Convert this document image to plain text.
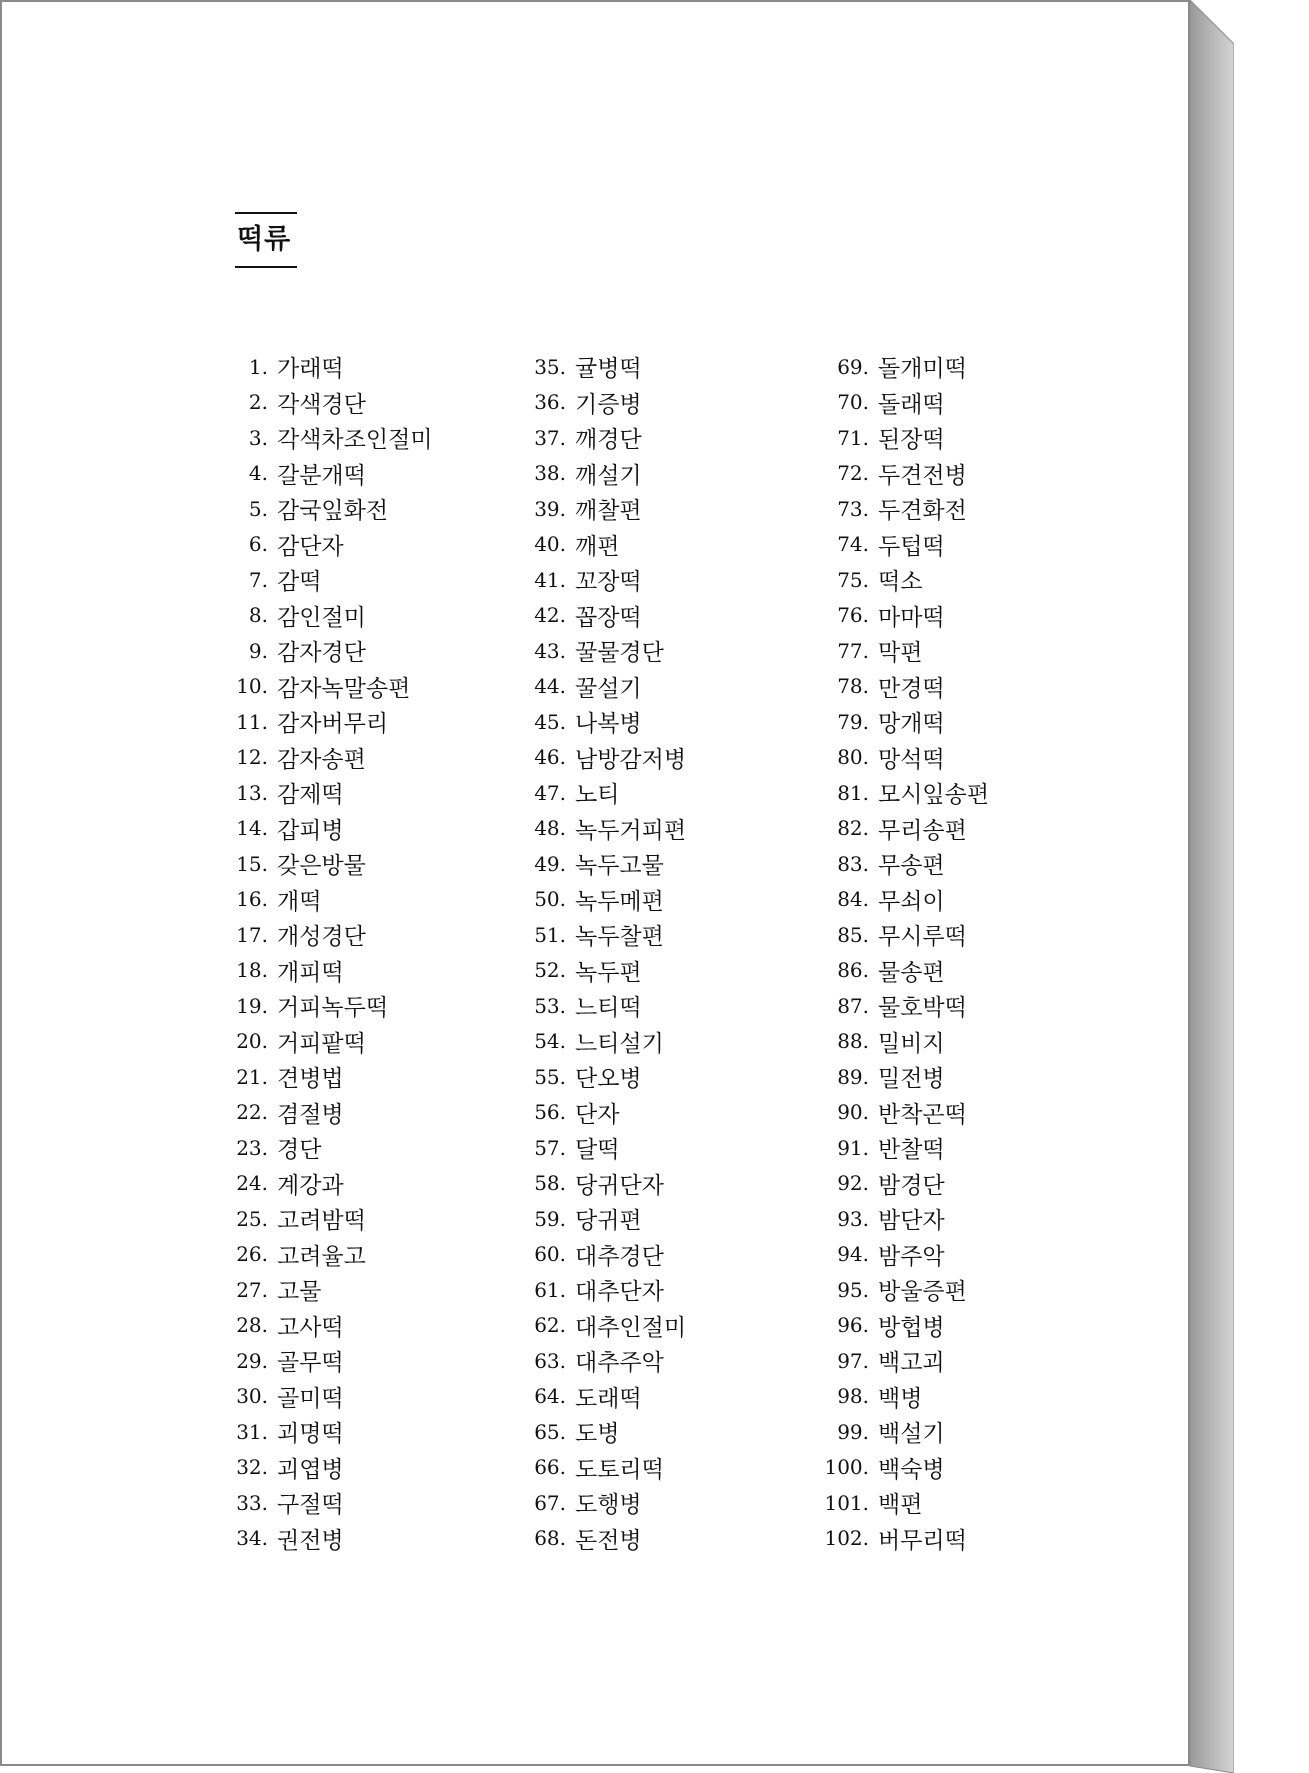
떡류
1. 가래떡
2. 각색경단
3. 각색차조인절미
4. 갈분개떡
5. 감국잎화전
6. 감단자
7. 감떡
8. 감인절미
9. 감자경단
10. 감자녹말송편
11. 감자버무리
12. 감자송편
13. 감제떡
14. 갑피병
15. 갖은방물
16. 개떡
17. 개성경단
18. 개피떡
19. 거피녹두떡
20. 거피팥떡
21. 견병법
22. 겸절병
23. 경단
24. 계강과
25. 고려밤떡
26. 고려율고
27. 고물
28. 고사떡
29. 골무떡
30. 골미떡
31. 괴명떡
32. 괴엽병
33. 구절떡
34. 권전병
35. 귤병떡
36. 기증병
37. 깨경단
38. 깨설기
39. 깨찰편
40. 깨편
41. 꼬장떡
42. 꼽장떡
43. 꿀물경단
44. 꿀설기
45. 나복병
46. 남방감저병
47. 노티
48. 녹두거피편
49. 녹두고물
50. 녹두메편
51. 녹두찰편
52. 녹두편
53. 느티떡
54. 느티설기
55. 단오병
56. 단자
57. 달떡
58. 당귀단자
59. 당귀편
60. 대추경단
61. 대추단자
62. 대추인절미
63. 대추주악
64. 도래떡
65. 도병
66. 도토리떡
67. 도행병
68. 돈전병
69. 돌개미떡
70. 돌래떡
71. 된장떡
72. 두견전병
73. 두견화전
74. 두텁떡
75. 떡소
76. 마마떡
77. 막편
78. 만경떡
79. 망개떡
80. 망석떡
81. 모시잎송편
82. 무리송편
83. 무송편
84. 무쇠이
85. 무시루떡
86. 물송편
87. 물호박떡
88. 밀비지
89. 밀전병
90. 반착곤떡
91. 반찰떡
92. 밤경단
93. 밤단자
94. 밤주악
95. 방울증편
96. 방헙병
97. 백고괴
98. 백병
99. 백설기
100. 백숙병
101. 백편
102. 버무리떡
